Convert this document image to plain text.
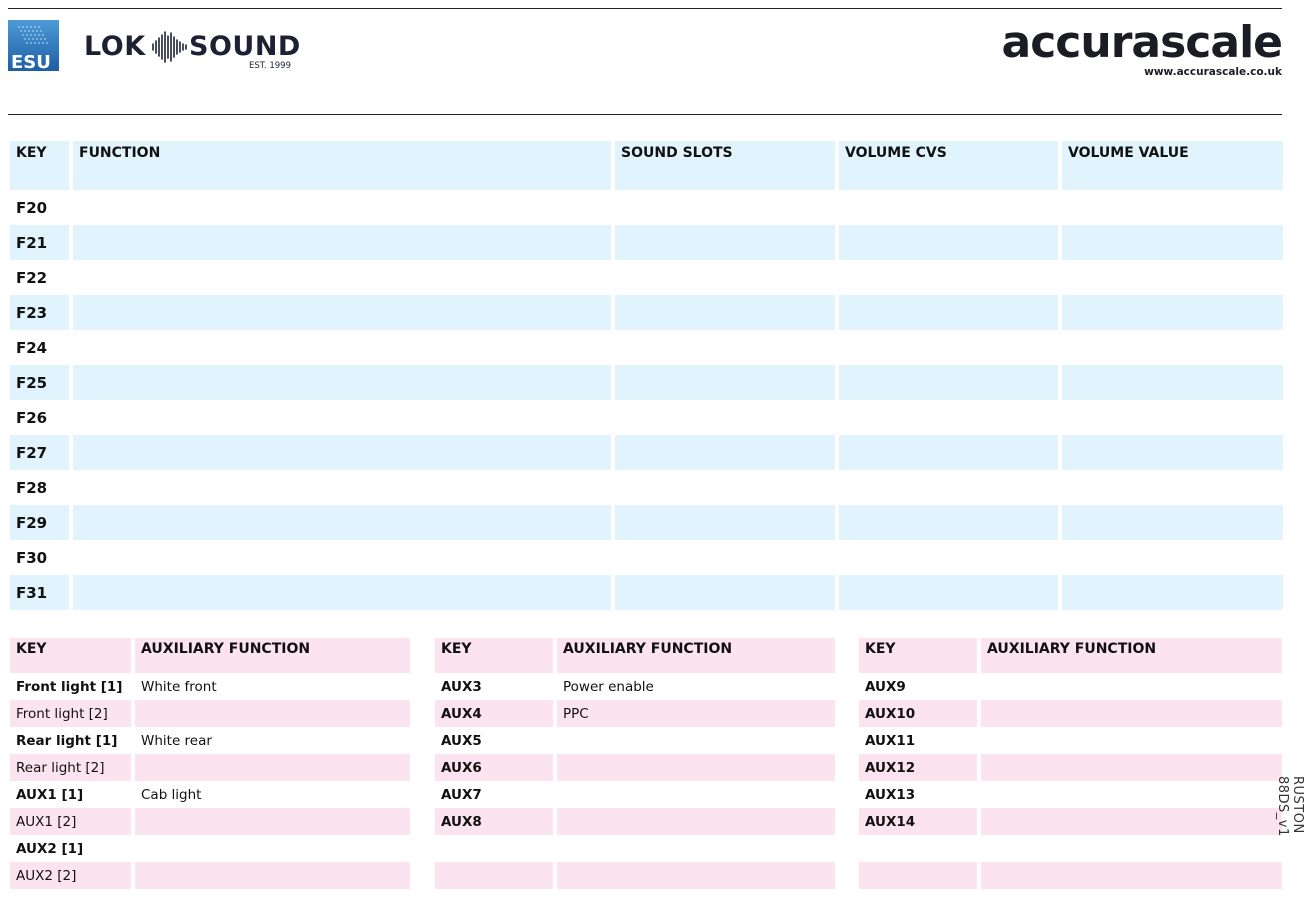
ESU
LOK SOUND
EST. 1999	accurascale
www.accurascale.co.uk
KEY	FUNCTION	SOUND SLOTS	VOLUME CVS	VOLUME VALUE
F20				
F21				
F22				
F23				
F24				
F25				
F26				
F27				
F28				
F29				
F30				
F31				
KEY	AUXILIARY FUNCTION
Front light [1]	White front
Front light [2]	
Rear light [1]	White rear
Rear light [2]	
AUX1 [1]	Cab light
AUX1 [2]	
AUX2 [1]	
AUX2 [2]	
KEY	AUXILIARY FUNCTION
AUX3	Power enable
AUX4	PPC
AUX5	
AUX6	
AUX7	
AUX8	

KEY	AUXILIARY FUNCTION
AUX9	
AUX10	
AUX11	
AUX12	
AUX13	
AUX14	

		RUSTON 88DS_v1
